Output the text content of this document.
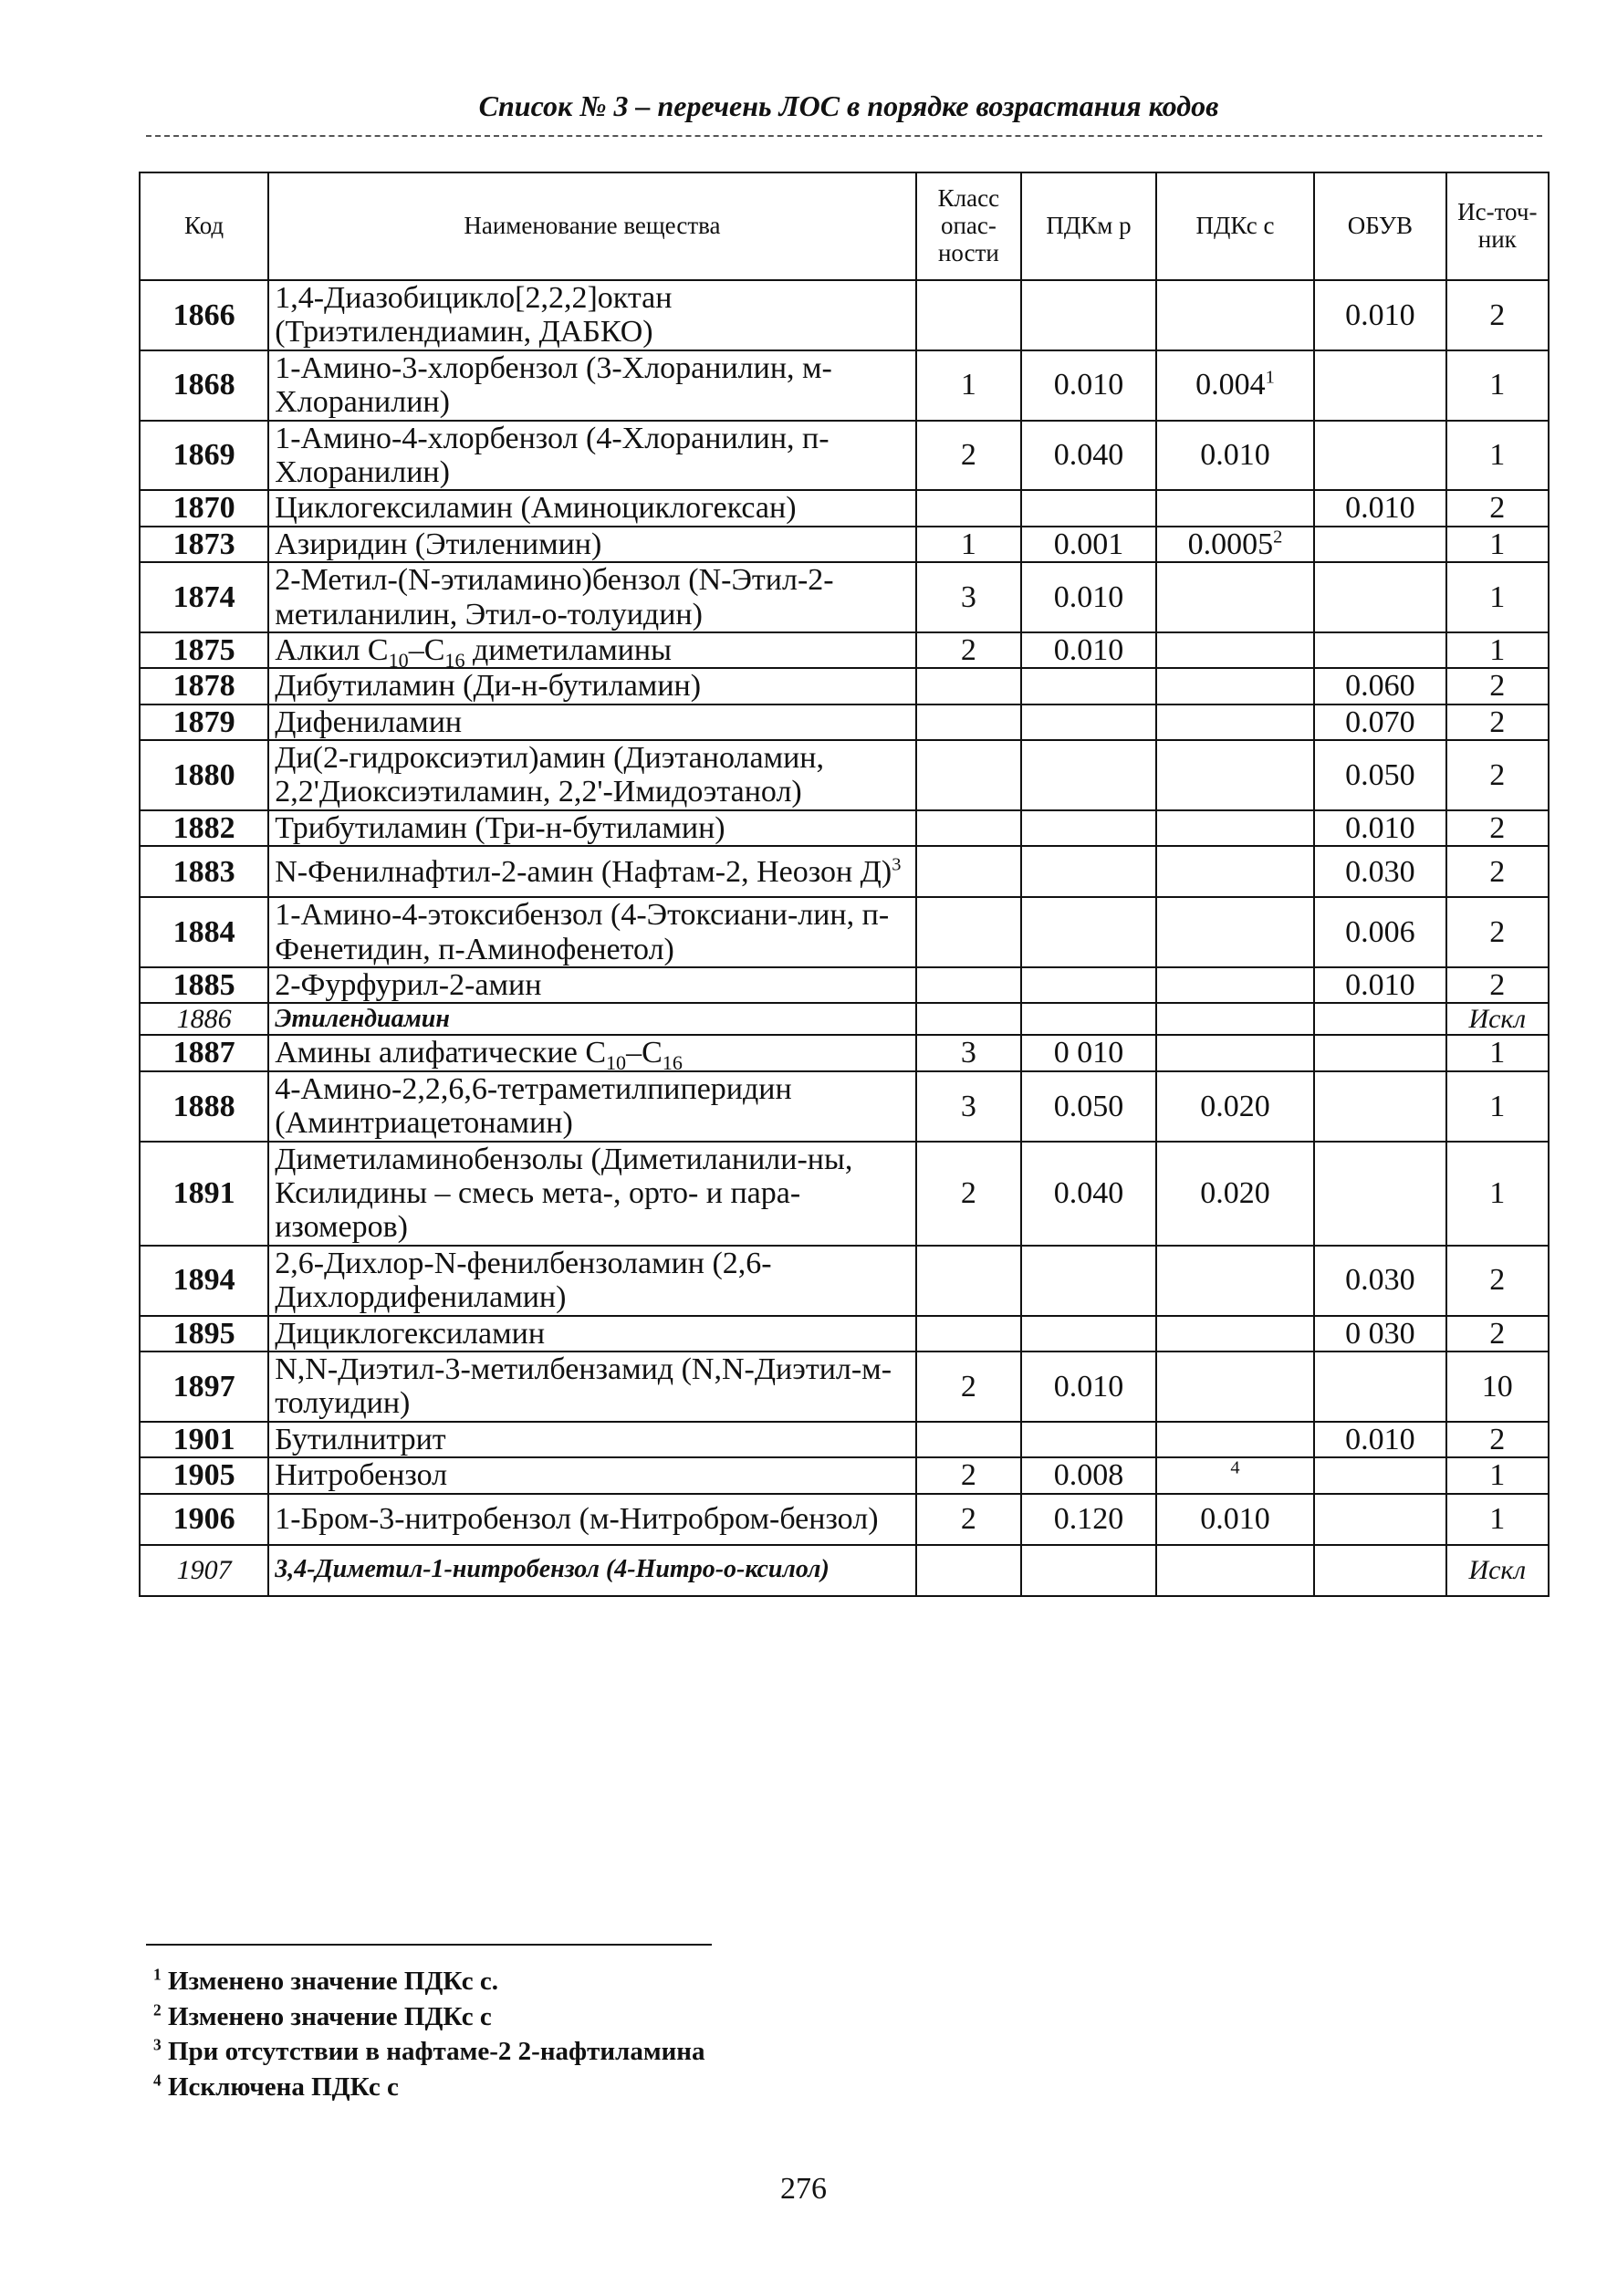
Список № 3 – перечень ЛОС в порядке возрастания кодов
Код	Наименование вещества	Класс опас-ности	ПДКм р	ПДКс с	ОБУВ	Ис-точ-ник
1866	1,4-Диазобицикло[2,2,2]октан (Триэтилендиамин, ДАБКО)				0.010	2
1868	1-Амино-3-хлорбензол (3-Хлоранилин, м-Хлоранилин)	1	0.010	0.004$^1$		1
1869	1-Амино-4-хлорбензол (4-Хлоранилин, п-Хлоранилин)	2	0.040	0.010		1
1870	Циклогексиламин (Аминоциклогексан)				0.010	2
1873	Азиридин (Этиленимин)	1	0.001	0.0005$^2$		1
1874	2-Метил-(N-этиламино)бензол (N-Этил-2-метиланилин, Этил-о-толуидин)	3	0.010			1
1875	Алкил $C_{10}-C_{16}$ диметиламины	2	0.010			1
1878	Дибутиламин (Ди-н-бутиламин)				0.060	2
1879	Дифениламин				0.070	2
1880	Ди(2-гидроксиэтил)амин (Диэтаноламин, 2,2'Диоксиэтиламин, 2,2'-Имидоэтанол)				0.050	2
1882	Трибутиламин (Три-н-бутиламин)				0.010	2
1883	N-Фенилнафтил-2-амин (Нафтам-2, Неозон Д)$^3$				0.030	2
1884	1-Амино-4-этоксибензол (4-Этоксиани-лин, п-Фенетидин, п-Аминофенетол)				0.006	2
1885	2-Фурфурил-2-амин				0.010	2
1886	Этилендиамин					Искл
1887	Амины алифатические $C_{10}-C_{16}$	3	0 010			1
1888	4-Амино-2,2,6,6-тетраметилпиперидин (Аминтриацетонамин)	3	0.050	0.020		1
1891	Диметиламинобензолы (Диметиланили-ны, Ксилидины – смесь мета-, орто- и пара-изомеров)	2	0.040	0.020		1
1894	2,6-Дихлор-N-фенилбензоламин (2,6-Дихлордифениламин)				0.030	2
1895	Дициклогексиламин				0 030	2
1897	N,N-Диэтил-3-метилбензамид (N,N-Диэтил-м-толуидин)	2	0.010			10
1901	Бутилнитрит				0.010	2
1905	Нитробензол	2	0.008	$^4$		1
1906	1-Бром-3-нитробензол (м-Нитробром-бензол)	2	0.120	0.010		1
1907	3,4-Диметил-1-нитробензол (4-Нитро-о-ксилол)					Искл
$^1$ Изменено значение ПДКс с.
$^2$ Изменено значение ПДКс с
$^3$ При отсутствии в нафтаме-2 2-нафтиламина
$^4$ Исключена ПДКс с
276
